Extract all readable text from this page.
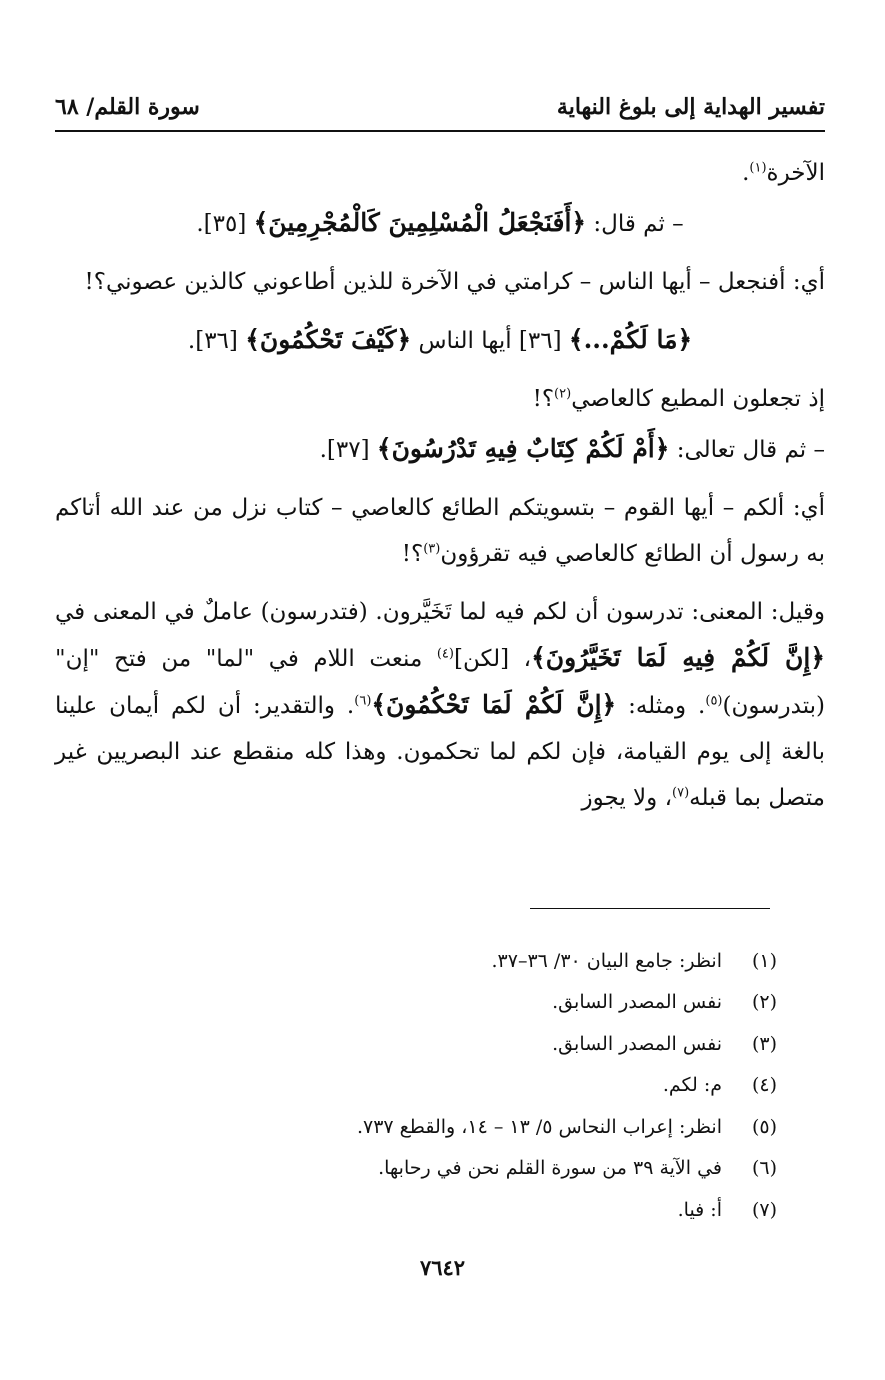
تفسير الهداية إلى بلوغ النهاية
سورة القلم/ ٦٨

الآخرة$^{(١)}$.

– ثم قال: ﴿أَفَنَجْعَلُ الْمُسْلِمِينَ كَالْمُجْرِمِينَ﴾ [٣٥].

أي: أفنجعل – أيها الناس – كرامتي في الآخرة للذين أطاعوني كالذين عصوني؟!

﴿مَا لَكُمْ...﴾ [٣٦] أيها الناس ﴿كَيْفَ تَحْكُمُونَ﴾ [٣٦].

إذ تجعلون المطيع كالعاصي$^{(٢)}$؟!

– ثم قال تعالى: ﴿أَمْ لَكُمْ كِتَابٌ فِيهِ تَدْرُسُونَ﴾ [٣٧].

أي: ألكم – أيها القوم – بتسويتكم الطائع كالعاصي – كتاب نزل من عند الله أتاكم به رسول أن الطائع كالعاصي فيه تقرؤون$^{(٣)}$؟!

وقيل: المعنى: تدرسون أن لكم فيه لما تَخَيَّرون. (فتدرسون) عاملٌ في المعنى في ﴿إِنَّ لَكُمْ فِيهِ لَمَا تَخَيَّرُونَ﴾، [لكن]$^{(٤)}$ منعت اللام في "لما" من فتح "إن" (بتدرسون)$^{(٥)}$. ومثله: ﴿إِنَّ لَكُمْ لَمَا تَحْكُمُونَ﴾$^{(٦)}$. والتقدير: أن لكم أيمان علينا بالغة إلى يوم القيامة، فإن لكم لما تحكمون. وهذا كله منقطع عند البصريين غير متصل بما قبله$^{(٧)}$، ولا يجوز

(١)
انظر: جامع البيان ٣٠/ ٣٦–٣٧.
(٢)
نفس المصدر السابق.
(٣)
نفس المصدر السابق.
(٤)
م: لكم.
(٥)
انظر: إعراب النحاس ٥/ ١٣ – ١٤، والقطع ٧٣٧.
(٦)
في الآية ٣٩ من سورة القلم نحن في رحابها.
(٧)
أ: فيا.
٧٦٤٢
